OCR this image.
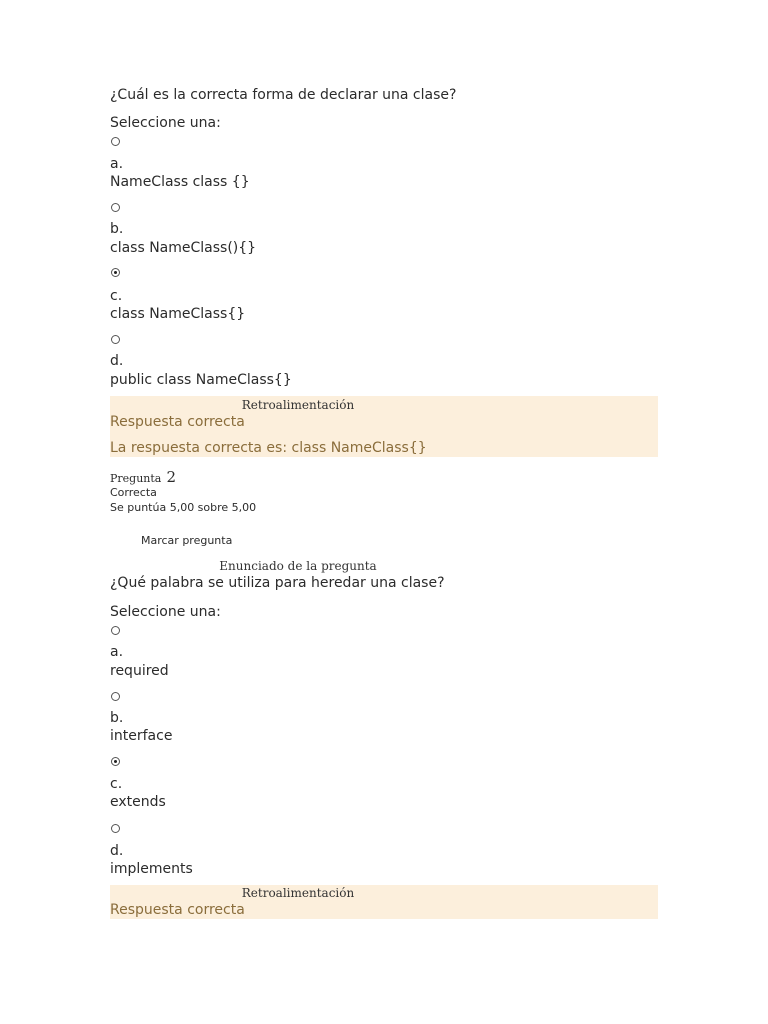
¿Cuál es la correcta forma de declarar una clase?
Seleccione una:
a.
NameClass class {}
b.
class NameClass(){}
c.
class NameClass{}
d.
public class NameClass{}
Retroalimentación
Respuesta correcta
La respuesta correcta es: class NameClass{}
Pregunta 2
Correcta
Se puntúa 5,00 sobre 5,00
Marcar pregunta
Enunciado de la pregunta
¿Qué palabra se utiliza para heredar una clase?
Seleccione una:
a.
required
b.
interface
c.
extends
d.
implements
Retroalimentación
Respuesta correcta
